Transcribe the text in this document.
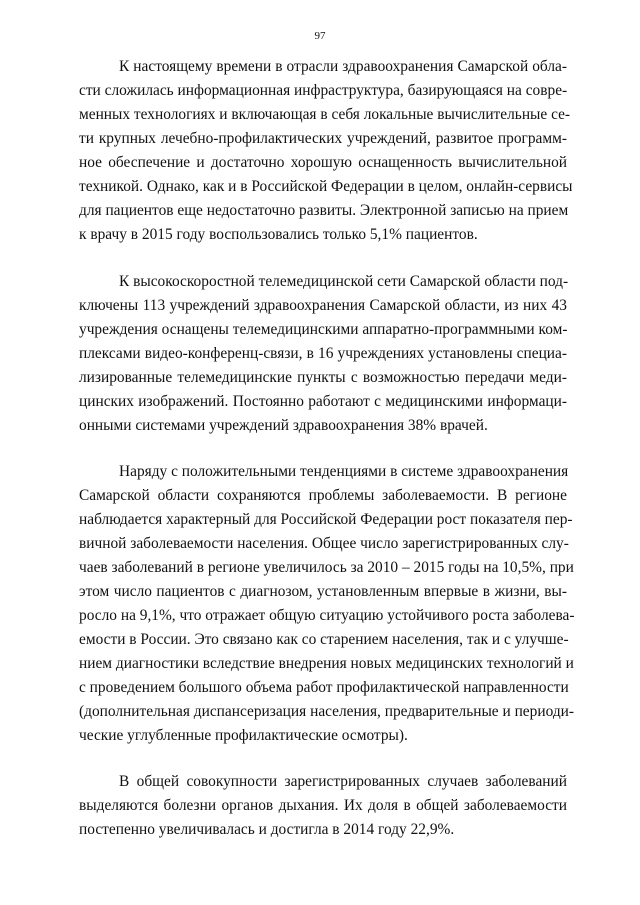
97
К настоящему времени в отрасли здравоохранения Самарской обла-
сти сложилась информационная инфраструктура, базирующаяся на совре-
менных технологиях и включающая в себя локальные вычислительные се-
ти крупных лечебно-профилактических учреждений, развитое программ-
ное обеспечение и достаточно хорошую оснащенность вычислительной
техникой. Однако, как и в Российской Федерации в целом, онлайн-сервисы
для пациентов еще недостаточно развиты. Электронной записью на прием
к врачу в 2015 году воспользовались только 5,1% пациентов.
К высокоскоростной телемедицинской сети Самарской области под-
ключены 113 учреждений здравоохранения Самарской области, из них 43
учреждения оснащены телемедицинскими аппаратно-программными ком-
плексами видео-конференц-связи, в 16 учреждениях установлены специа-
лизированные телемедицинские пункты с возможностью передачи меди-
цинских изображений. Постоянно работают с медицинскими информаци-
онными системами учреждений здравоохранения 38% врачей.
Наряду с положительными тенденциями в системе здравоохранения
Самарской области сохраняются проблемы заболеваемости. В регионе
наблюдается характерный для Российской Федерации рост показателя пер-
вичной заболеваемости населения. Общее число зарегистрированных слу-
чаев заболеваний в регионе увеличилось за 2010 – 2015 годы на 10,5%, при
этом число пациентов с диагнозом, установленным впервые в жизни, вы-
росло на 9,1%, что отражает общую ситуацию устойчивого роста заболева-
емости в России. Это связано как со старением населения, так и с улучше-
нием диагностики вследствие внедрения новых медицинских технологий и
с проведением большого объема работ профилактической направленности
(дополнительная диспансеризация населения, предварительные и периоди-
ческие углубленные профилактические осмотры).
В общей совокупности зарегистрированных случаев заболеваний
выделяются болезни органов дыхания. Их доля в общей заболеваемости
постепенно увеличивалась и достигла в 2014 году 22,9%.
